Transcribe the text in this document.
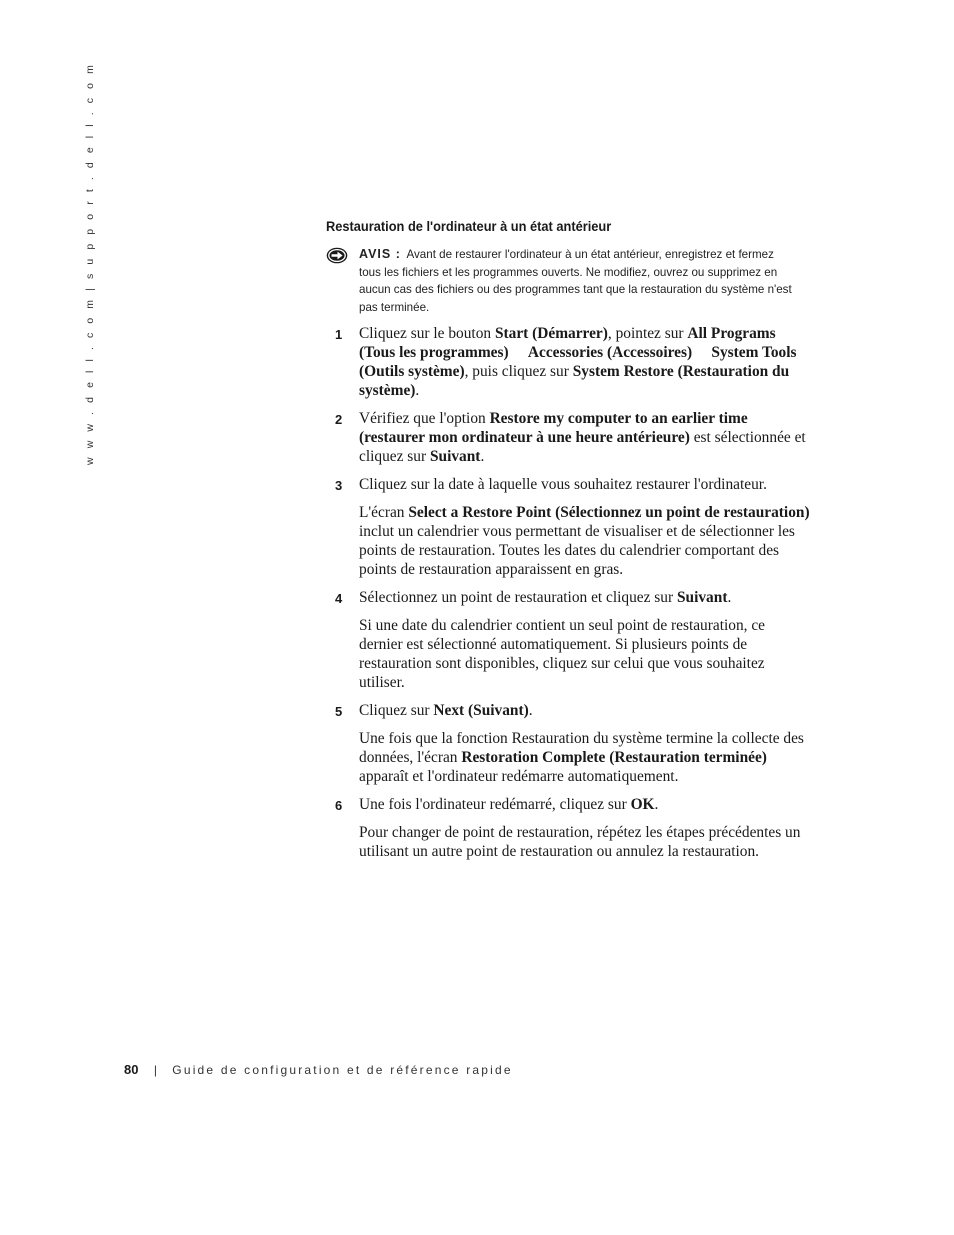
w w w . d e l l . c o m | s u p p o r t . d e l l . c o m	Restauration de l'ordinateur à un état antérieur
AVIS : Avant de restaurer l'ordinateur à un état antérieur, enregistrez et fermez tous les fichiers et les programmes ouverts. Ne modifiez, ouvrez ou supprimez en aucun cas des fichiers ou des programmes tant que la restauration du système n'est pas terminée.
1 Cliquez sur le bouton Start (Démarrer), pointez sur All Programs (Tous les programmes) Accessories (Accessoires) System Tools (Outils système), puis cliquez sur System Restore (Restauration du système).
2 Vérifiez que l'option Restore my computer to an earlier time (restaurer mon ordinateur à une heure antérieure) est sélectionnée et cliquez sur Suivant.
3 Cliquez sur la date à laquelle vous souhaitez restaurer l'ordinateur.
L'écran Select a Restore Point (Sélectionnez un point de restauration) inclut un calendrier vous permettant de visualiser et de sélectionner les points de restauration. Toutes les dates du calendrier comportant des points de restauration apparaissent en gras.
4 Sélectionnez un point de restauration et cliquez sur Suivant.
Si une date du calendrier contient un seul point de restauration, ce dernier est sélectionné automatiquement. Si plusieurs points de restauration sont disponibles, cliquez sur celui que vous souhaitez utiliser.
5 Cliquez sur Next (Suivant).
Une fois que la fonction Restauration du système termine la collecte des données, l'écran Restoration Complete (Restauration terminée) apparaît et l'ordinateur redémarre automatiquement.
6 Une fois l'ordinateur redémarré, cliquez sur OK.
Pour changer de point de restauration, répétez les étapes précédentes un utilisant un autre point de restauration ou annulez la restauration.
80 | Guide de configuration et de référence rapide
